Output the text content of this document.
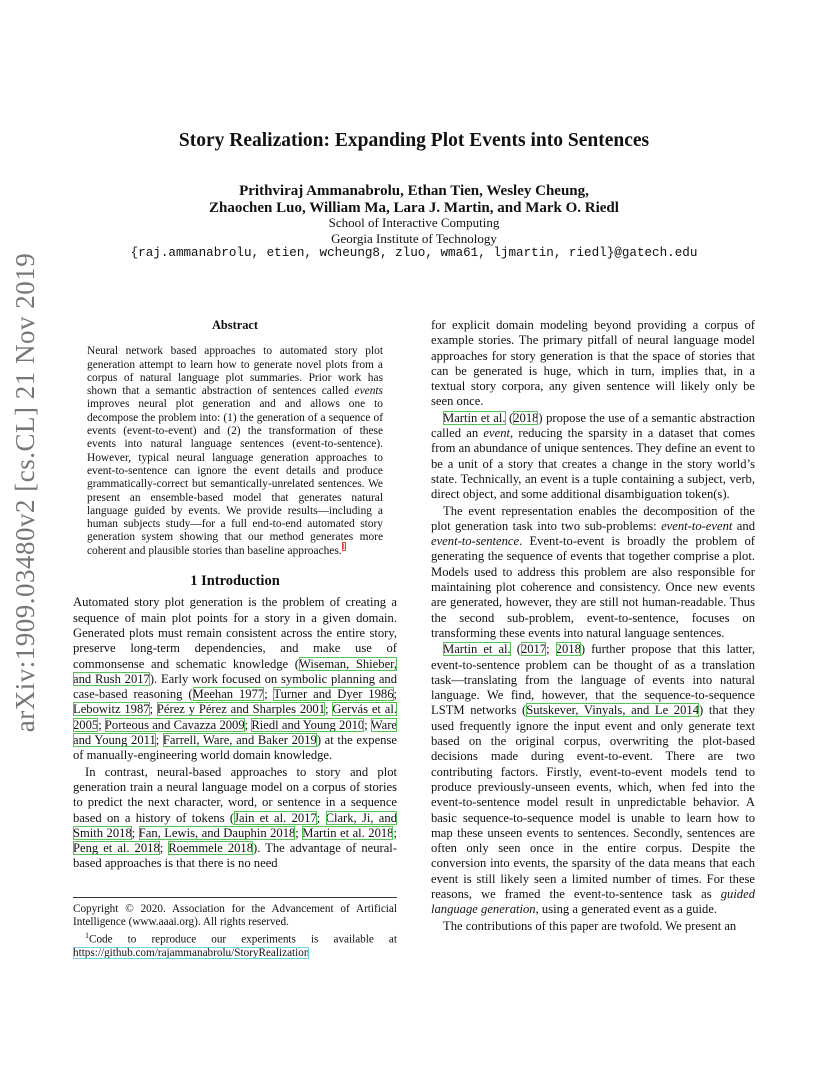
arXiv:1909.03480v2 [cs.CL] 21 Nov 2019
Story Realization: Expanding Plot Events into Sentences
Prithviraj Ammanabrolu, Ethan Tien, Wesley Cheung,
Zhaochen Luo, William Ma, Lara J. Martin, and Mark O. Riedl
School of Interactive Computing
Georgia Institute of Technology
{raj.ammanabrolu, etien, wcheung8, zluo, wma61, ljmartin, riedl}@gatech.edu
Abstract

Neural network based approaches to automated story plot generation attempt to learn how to generate novel plots from a corpus of natural language plot summaries. Prior work has shown that a semantic abstraction of sentences called events improves neural plot generation and and allows one to decompose the problem into: (1) the generation of a sequence of events (event-to-event) and (2) the transformation of these events into natural language sentences (event-to-sentence). However, typical neural language generation approaches to event-to-sentence can ignore the event details and produce grammatically-correct but semantically-unrelated sentences. We present an ensemble-based model that generates natural language guided by events. We provide results—including a human subjects study—for a full end-to-end automated story generation system showing that our method generates more coherent and plausible stories than baseline approaches.$^1$

1 Introduction

Automated story plot generation is the problem of creating a sequence of main plot points for a story in a given domain. Generated plots must remain consistent across the entire story, preserve long-term dependencies, and make use of commonsense and schematic knowledge (Wiseman, Shieber, and Rush 2017). Early work focused on symbolic planning and case-based reasoning (Meehan 1977; Turner and Dyer 1986; Lebowitz 1987; Pérez y Pérez and Sharples 2001; Gervás et al. 2005; Porteous and Cavazza 2009; Riedl and Young 2010; Ware and Young 2011; Farrell, Ware, and Baker 2019) at the expense of manually-engineering world domain knowledge.

In contrast, neural-based approaches to story and plot generation train a neural language model on a corpus of stories to predict the next character, word, or sentence in a sequence based on a history of tokens (Jain et al. 2017; Clark, Ji, and Smith 2018; Fan, Lewis, and Dauphin 2018; Martin et al. 2018; Peng et al. 2018; Roemmele 2018). The advantage of neural-based approaches is that there is no need

Copyright © 2020. Association for the Advancement of Artificial Intelligence (www.aaai.org). All rights reserved.

$^1$Code to reproduce our experiments is available at https://github.com/rajammanabrolu/StoryRealization

for explicit domain modeling beyond providing a corpus of example stories. The primary pitfall of neural language model approaches for story generation is that the space of stories that can be generated is huge, which in turn, implies that, in a textual story corpora, any given sentence will likely only be seen once.

Martin et al. (2018) propose the use of a semantic abstraction called an event, reducing the sparsity in a dataset that comes from an abundance of unique sentences. They define an event to be a unit of a story that creates a change in the story world’s state. Technically, an event is a tuple containing a subject, verb, direct object, and some additional disambiguation token(s).

The event representation enables the decomposition of the plot generation task into two sub-problems: event-to-event and event-to-sentence. Event-to-event is broadly the problem of generating the sequence of events that together comprise a plot. Models used to address this problem are also responsible for maintaining plot coherence and consistency. Once new events are generated, however, they are still not human-readable. Thus the second sub-problem, event-to-sentence, focuses on transforming these events into natural language sentences.

Martin et al. (2017; 2018) further propose that this latter, event-to-sentence problem can be thought of as a translation task—translating from the language of events into natural language. We find, however, that the sequence-to-sequence LSTM networks (Sutskever, Vinyals, and Le 2014) that they used frequently ignore the input event and only generate text based on the original corpus, overwriting the plot-based decisions made during event-to-event. There are two contributing factors. Firstly, event-to-event models tend to produce previously-unseen events, which, when fed into the event-to-sentence model result in unpredictable behavior. A basic sequence-to-sequence model is unable to learn how to map these unseen events to sentences. Secondly, sentences are often only seen once in the entire corpus. Despite the conversion into events, the sparsity of the data means that each event is still likely seen a limited number of times. For these reasons, we framed the event-to-sentence task as guided language generation, using a generated event as a guide.

The contributions of this paper are twofold. We present an
